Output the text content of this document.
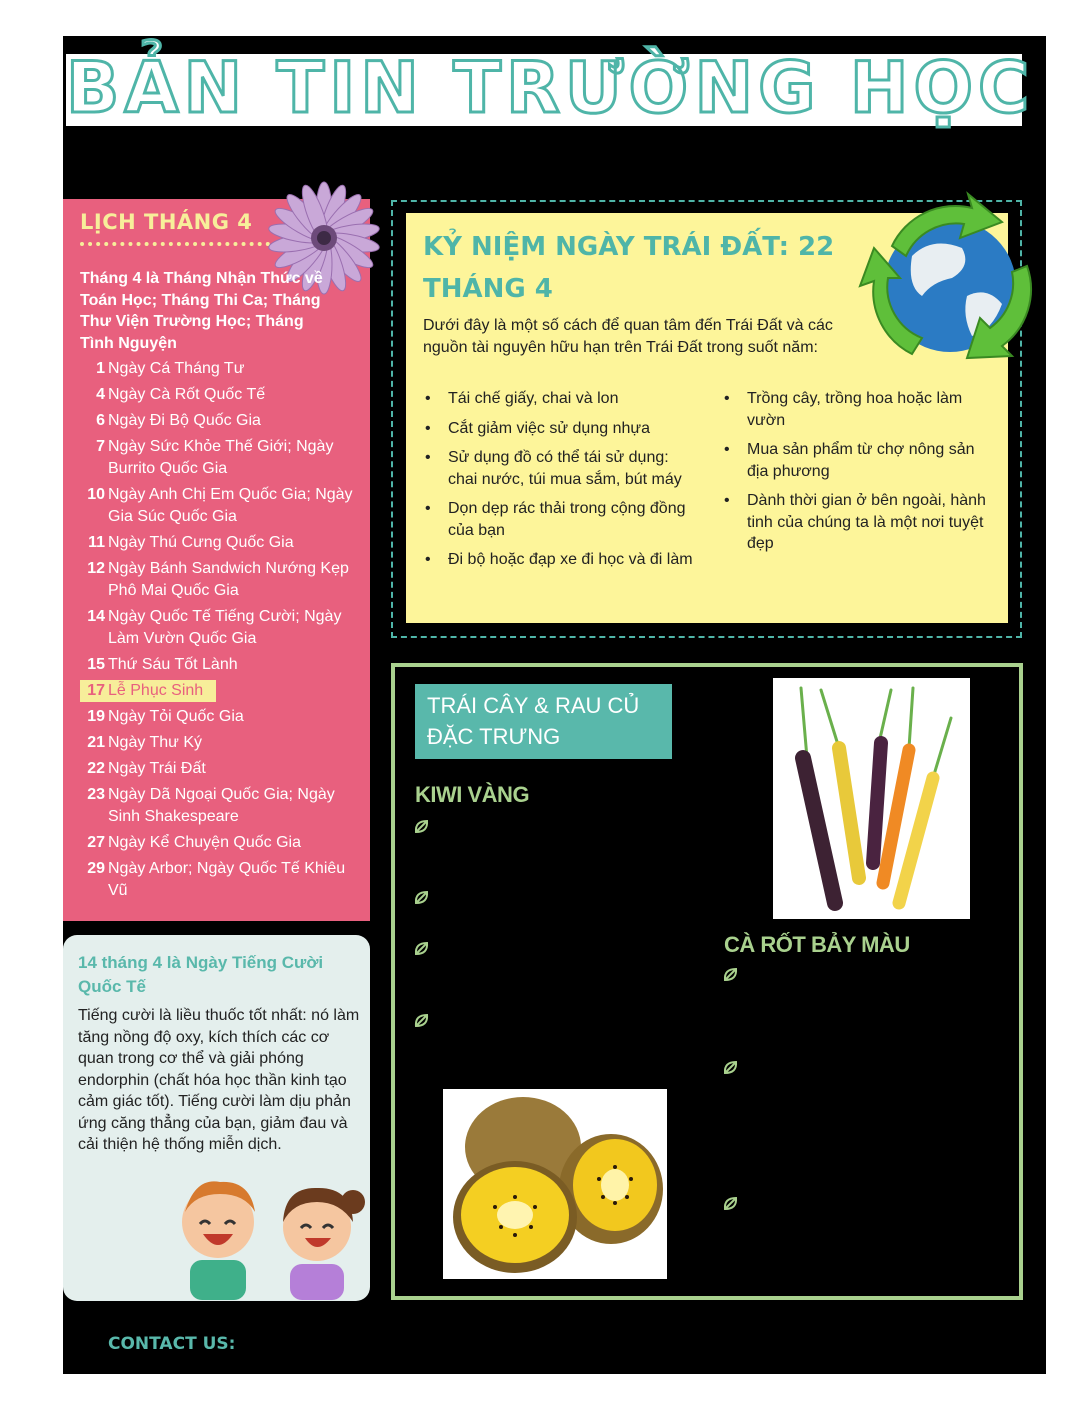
BẢN TIN TRƯỜNG HỌC
LỊCH THÁNG 4
Tháng 4 là Tháng Nhận Thức về Toán Học; Tháng Thi Ca; Tháng Thư Viện Trường Học; Tháng Tình Nguyện
1 Ngày Cá Tháng Tư
4 Ngày Cà Rốt Quốc Tế
6 Ngày Đi Bộ Quốc Gia
7 Ngày Sức Khỏe Thế Giới; Ngày Burrito Quốc Gia
10 Ngày Anh Chị Em Quốc Gia; Ngày Gia Súc Quốc Gia
11 Ngày Thú Cưng Quốc Gia
12 Ngày Bánh Sandwich Nướng Kẹp Phô Mai Quốc Gia
14 Ngày Quốc Tế Tiếng Cười; Ngày Làm Vườn Quốc Gia
15 Thứ Sáu Tốt Lành
17 Lễ Phục Sinh
19 Ngày Tỏi Quốc Gia
21 Ngày Thư Ký
22 Ngày Trái Đất
23 Ngày Dã Ngoại Quốc Gia; Ngày Sinh Shakespeare
27 Ngày Kể Chuyện Quốc Gia
29 Ngày Arbor; Ngày Quốc Tế Khiêu Vũ
14 tháng 4 là Ngày Tiếng Cười Quốc Tế
Tiếng cười là liều thuốc tốt nhất: nó làm tăng nồng độ oxy, kích thích các cơ quan trong cơ thể và giải phóng endorphin (chất hóa học thần kinh tạo cảm giác tốt). Tiếng cười làm dịu phản ứng căng thẳng của bạn, giảm đau và cải thiện hệ thống miễn dịch.
KỶ NIỆM NGÀY TRÁI ĐẤT: 22 THÁNG 4
Dưới đây là một số cách để quan tâm đến Trái Đất và các nguồn tài nguyên hữu hạn trên Trái Đất trong suốt năm:
• Tái chế giấy, chai và lon
• Cắt giảm việc sử dụng nhựa
• Sử dụng đồ có thể tái sử dụng: chai nước, túi mua sắm, bút máy
• Dọn dẹp rác thải trong cộng đồng của bạn
• Đi bộ hoặc đạp xe đi học và đi làm
• Trồng cây, trồng hoa hoặc làm vườn
• Mua sản phẩm từ chợ nông sản địa phương
• Dành thời gian ở bên ngoài, hành tinh của chúng ta là một nơi tuyệt đẹp
TRÁI CÂY & RAU CỦ ĐẶC TRƯNG
KIWI VÀNG
CÀ RỐT BẢY MÀU
CONTACT US:
